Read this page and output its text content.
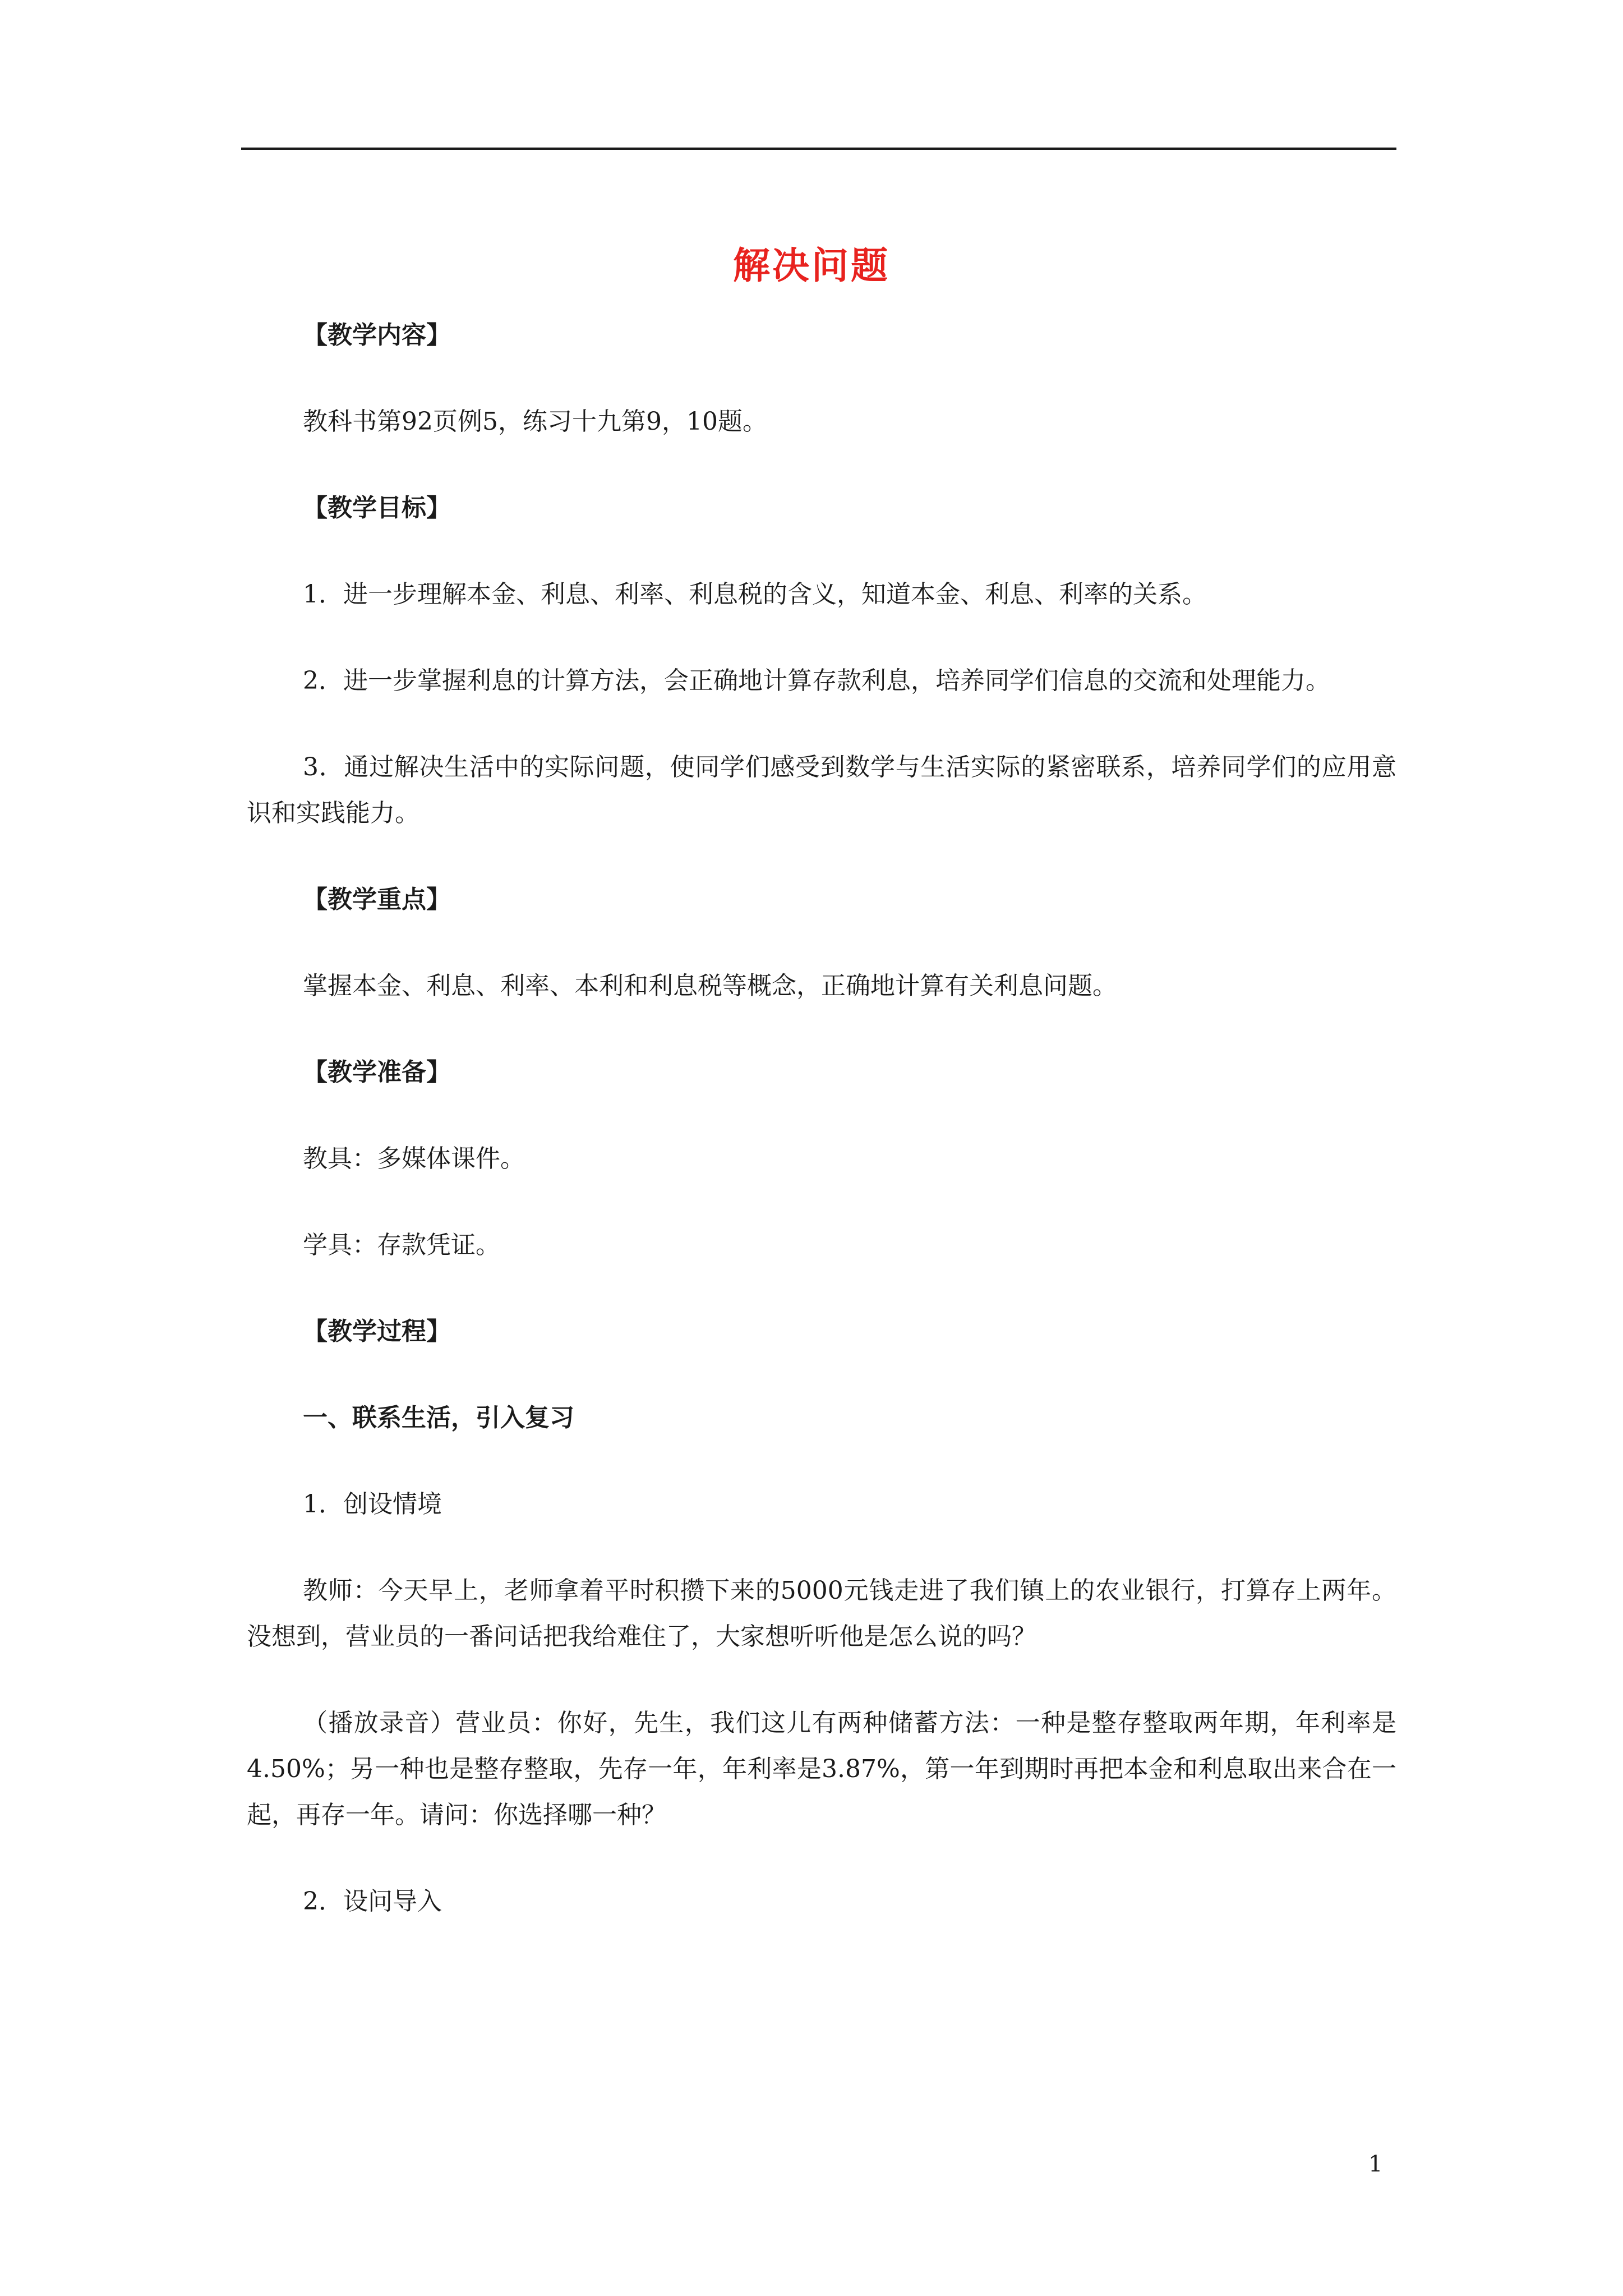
解决问题

【教学内容】

教科书第92页例5，练习十九第9，10题。

【教学目标】

1．进一步理解本金、利息、利率、利息税的含义，知道本金、利息、利率的关系。

2．进一步掌握利息的计算方法，会正确地计算存款利息，培养同学们信息的交流和处理能力。

3．通过解决生活中的实际问题，使同学们感受到数学与生活实际的紧密联系，培养同学们的应用意识和实践能力。

【教学重点】

掌握本金、利息、利率、本利和利息税等概念，正确地计算有关利息问题。

【教学准备】

教具：多媒体课件。

学具：存款凭证。

【教学过程】

一、联系生活，引入复习

1．创设情境

教师：今天早上，老师拿着平时积攒下来的5000元钱走进了我们镇上的农业银行，打算存上两年。没想到，营业员的一番问话把我给难住了，大家想听听他是怎么说的吗？

（播放录音）营业员：你好，先生，我们这儿有两种储蓄方法：一种是整存整取两年期，年利率是4.50%；另一种也是整存整取，先存一年，年利率是3.87%，第一年到期时再把本金和利息取出来合在一起，再存一年。请问：你选择哪一种？

2．设问导入

1
